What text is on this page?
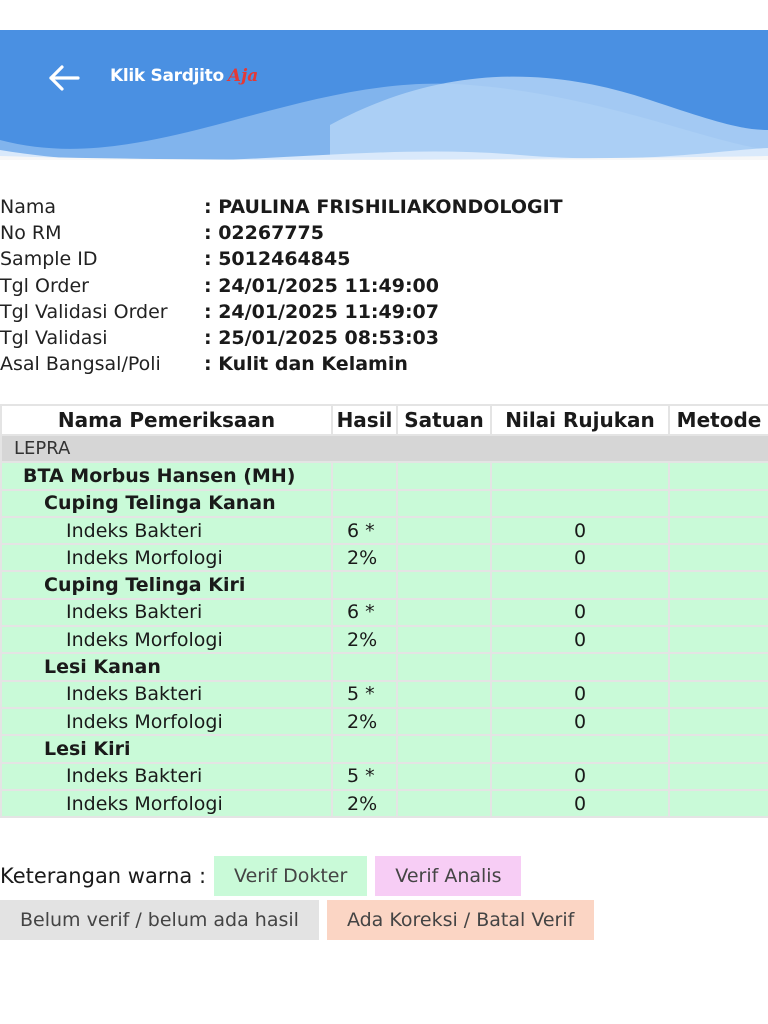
Klik Sardjito Aja
Nama	: PAULINA FRISHILIAKONDOLOGIT
No RM	: 02267775
Sample ID	: 5012464845
Tgl Order	: 24/01/2025 11:49:00
Tgl Validasi Order	: 24/01/2025 11:49:07
Tgl Validasi	: 25/01/2025 08:53:03
Asal Bangsal/Poli	: Kulit dan Kelamin
Nama Pemeriksaan	Hasil	Satuan	Nilai Rujukan	Metode
LEPRA				
BTA Morbus Hansen (MH)				
Cuping Telinga Kanan				
Indeks Bakteri	6 *		0	
Indeks Morfologi	2%		0	
Cuping Telinga Kiri				
Indeks Bakteri	6 *		0	
Indeks Morfologi	2%		0	
Lesi Kanan				
Indeks Bakteri	5 *		0	
Indeks Morfologi	2%		0	
Lesi Kiri				
Indeks Bakteri	5 *		0	
Indeks Morfologi	2%		0	
Keterangan warna :	Verif Dokter	Verif Analis
Belum verif / belum ada hasil	Ada Koreksi / Batal Verif
